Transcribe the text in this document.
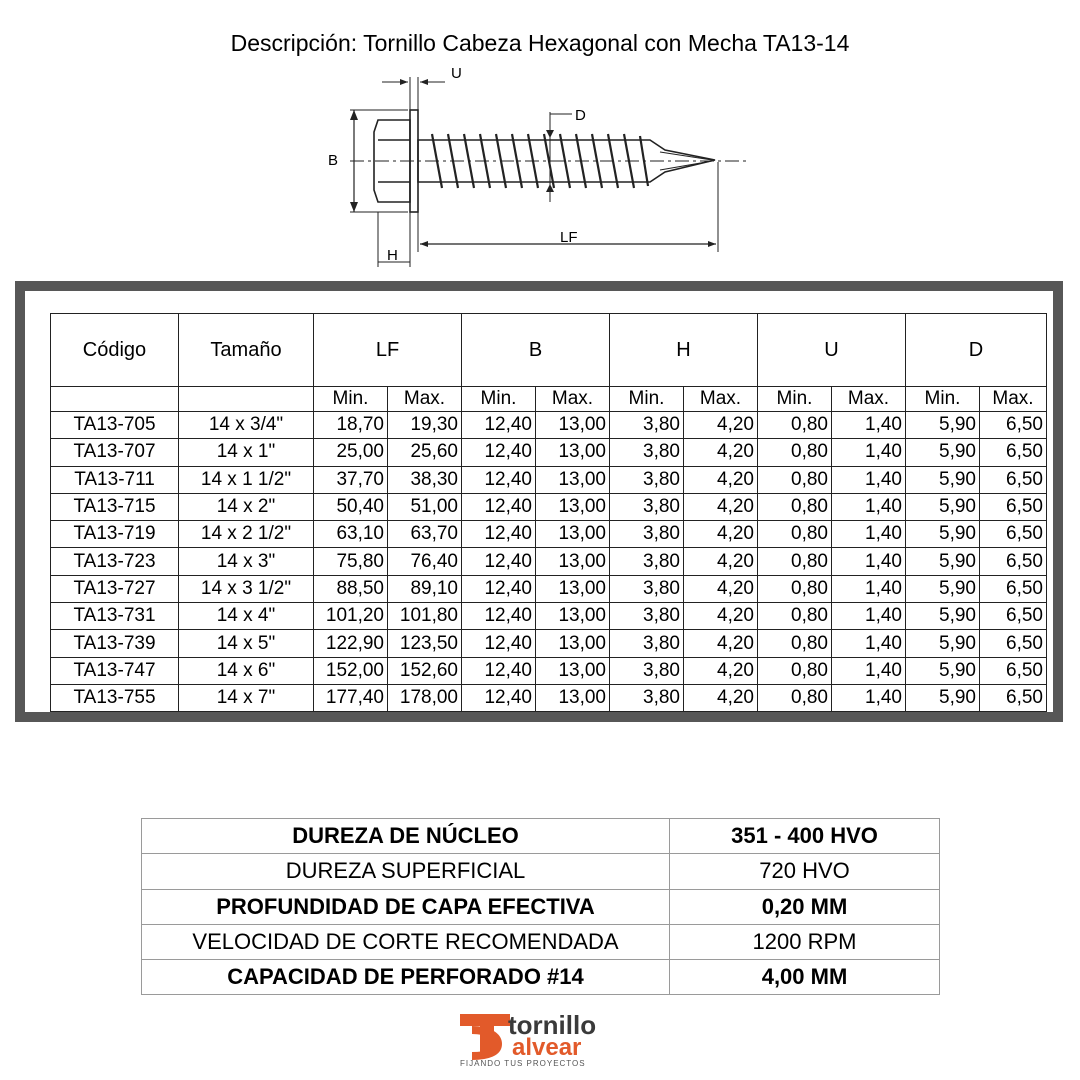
Descripción: Tornillo Cabeza Hexagonal con Mecha TA13-14
U
D
B
H
LF
Código	Tamaño	LF		B		H		U		D	
		Min.	Max.	Min.	Max.	Min.	Max.	Min.	Max.	Min.	Max.
TA13-705	14 x 3/4"	18,70	19,30	12,40	13,00	3,80	4,20	0,80	1,40	5,90	6,50
TA13-707	14 x 1"	25,00	25,60	12,40	13,00	3,80	4,20	0,80	1,40	5,90	6,50
TA13-711	14 x 1 1/2"	37,70	38,30	12,40	13,00	3,80	4,20	0,80	1,40	5,90	6,50
TA13-715	14 x 2"	50,40	51,00	12,40	13,00	3,80	4,20	0,80	1,40	5,90	6,50
TA13-719	14 x 2 1/2"	63,10	63,70	12,40	13,00	3,80	4,20	0,80	1,40	5,90	6,50
TA13-723	14 x 3"	75,80	76,40	12,40	13,00	3,80	4,20	0,80	1,40	5,90	6,50
TA13-727	14 x 3 1/2"	88,50	89,10	12,40	13,00	3,80	4,20	0,80	1,40	5,90	6,50
TA13-731	14 x 4"	101,20	101,80	12,40	13,00	3,80	4,20	0,80	1,40	5,90	6,50
TA13-739	14 x 5"	122,90	123,50	12,40	13,00	3,80	4,20	0,80	1,40	5,90	6,50
TA13-747	14 x 6"	152,00	152,60	12,40	13,00	3,80	4,20	0,80	1,40	5,90	6,50
TA13-755	14 x 7"	177,40	178,00	12,40	13,00	3,80	4,20	0,80	1,40	5,90	6,50
DUREZA DE NÚCLEO	351 - 400 HVO
DUREZA SUPERFICIAL	720 HVO
PROFUNDIDAD DE CAPA EFECTIVA	0,20 MM
VELOCIDAD DE CORTE RECOMENDADA	1200 RPM
CAPACIDAD DE PERFORADO #14	4,00 MM
tornillo
alvear
FIJANDO TUS PROYECTOS
